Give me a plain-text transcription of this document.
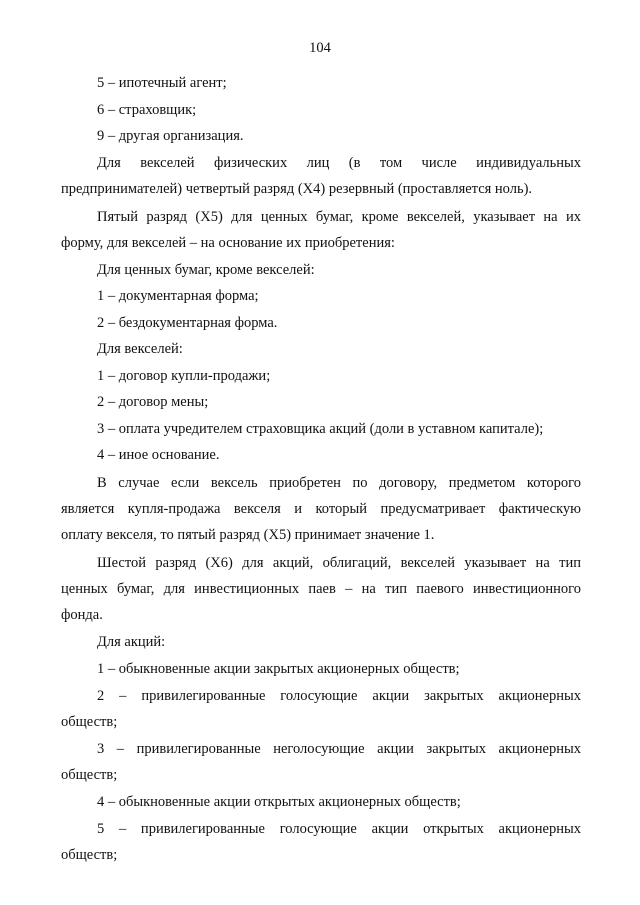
104
5 – ипотечный агент;
6 – страховщик;
9 – другая организация.
Для векселей физических лиц (в том числе индивидуальных
предпринимателей) четвертый разряд (Х4) резервный (проставляется ноль).
Пятый разряд (Х5) для ценных бумаг, кроме векселей, указывает на их
форму, для векселей – на основание их приобретения:
Для ценных бумаг, кроме векселей:
1 – документарная форма;
2 – бездокументарная форма.
Для векселей:
1 – договор купли-продажи;
2 – договор мены;
3 – оплата учредителем страховщика акций (доли в уставном капитале);
4 – иное основание.
В случае если вексель приобретен по договору, предметом которого
является купля-продажа векселя и который предусматривает фактическую
оплату векселя, то пятый разряд (Х5) принимает значение 1.
Шестой разряд (Х6) для акций, облигаций, векселей указывает на тип
ценных бумаг, для инвестиционных паев – на тип паевого инвестиционного
фонда.
Для акций:
1 – обыкновенные акции закрытых акционерных обществ;
2 – привилегированные голосующие акции закрытых акционерных
обществ;
3 – привилегированные неголосующие акции закрытых акционерных
обществ;
4 – обыкновенные акции открытых акционерных обществ;
5 – привилегированные голосующие акции открытых акционерных
обществ;
